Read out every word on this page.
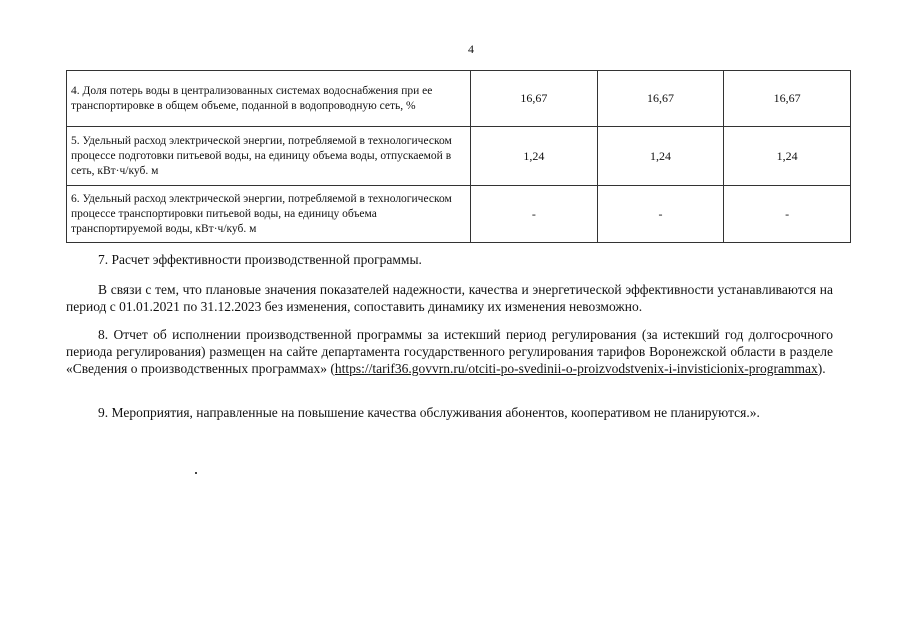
4
4. Доля потерь воды в централизованных системах водоснабжения при ее транспортировке в общем объеме, поданной в водопроводную сеть, %	16,67	16,67	16,67
5. Удельный расход электрической энергии, потребляемой в технологическом процессе подготовки питьевой воды, на единицу объема воды, отпускаемой в сеть, кВт·ч/куб. м	1,24	1,24	1,24
6. Удельный расход электрической энергии, потребляемой в технологическом процессе транспортировки питьевой воды, на единицу объема транспортируемой воды, кВт·ч/куб. м	-	-	-

7. Расчет эффективности производственной программы.

В связи с тем, что плановые значения показателей надежности, качества и энергетической эффективности устанавливаются на период с 01.01.2021 по 31.12.2023 без изменения, сопоставить динамику их изменения невозможно.

8. Отчет об исполнении производственной программы за истекший период регулирования (за истекший год долгосрочного периода регулирования) размещен на сайте департамента государственного регулирования тарифов Воронежской области в разделе «Сведения о производственных программах» (https://tarif36.govvrn.ru/otciti-po-svedinii-o-proizvodstvenix-i-invisticionix-programmax).

9. Мероприятия, направленные на повышение качества обслуживания абонентов, кооперативом не планируются.».
